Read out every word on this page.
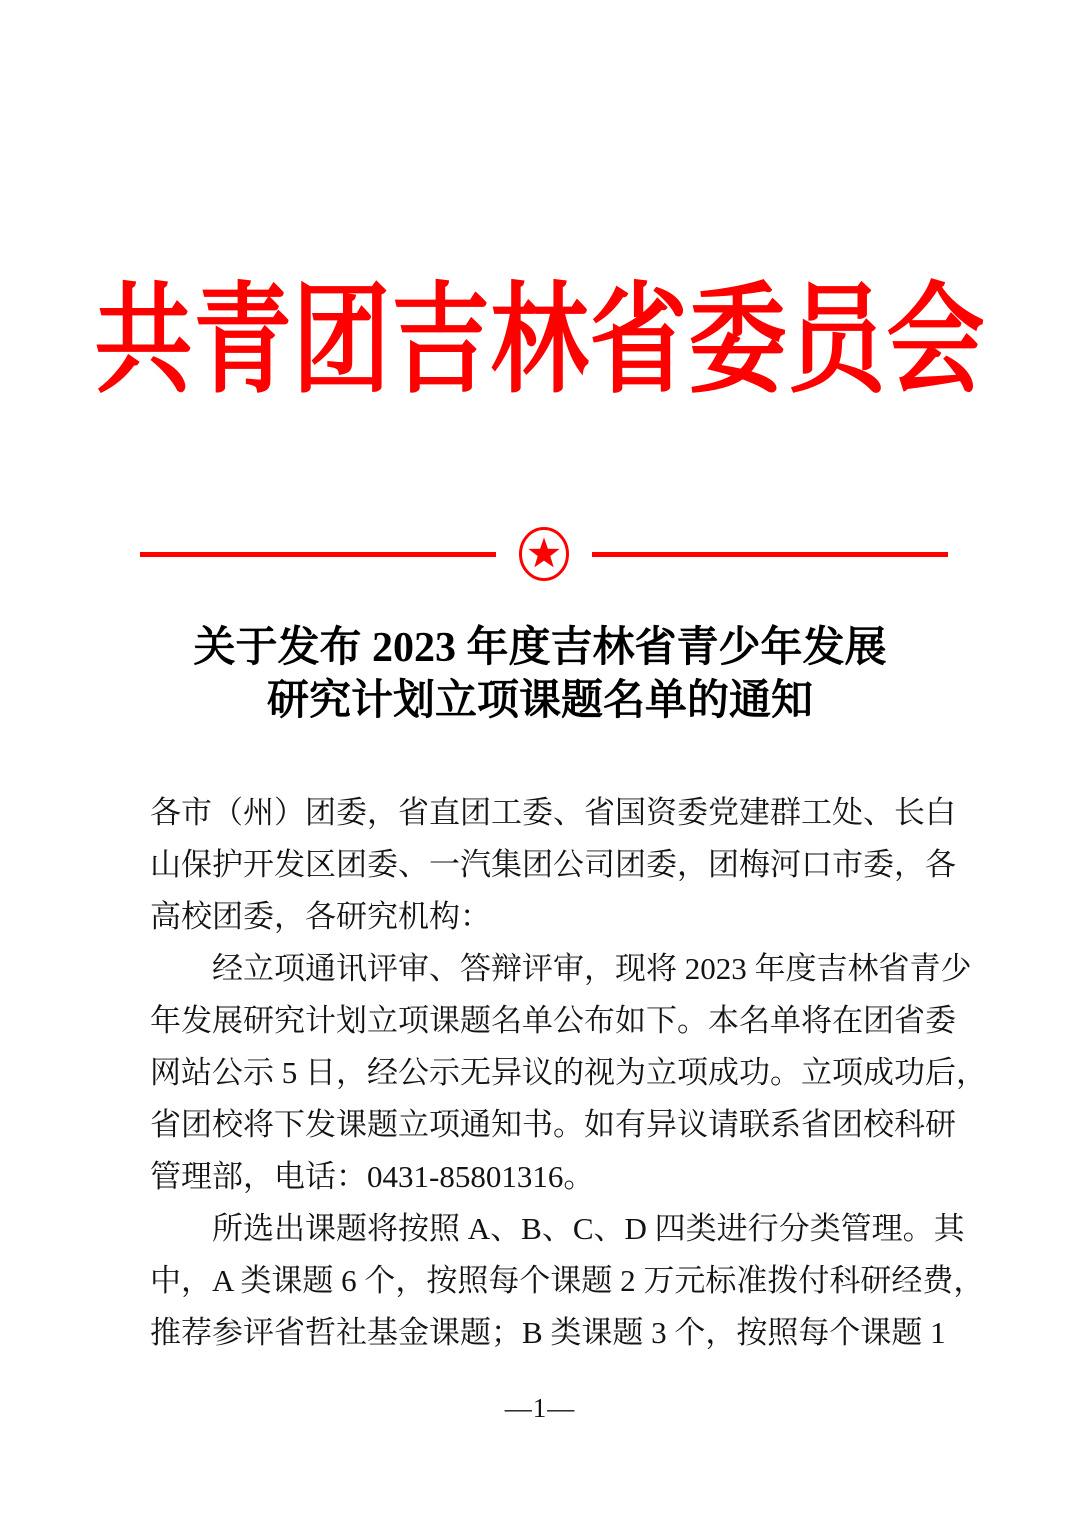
共青团吉林省委员会
关于发布 2023 年度吉林省青少年发展
研究计划立项课题名单的通知
各市（州）团委，省直团工委、省国资委党建群工处、长白
山保护开发区团委、一汽集团公司团委，团梅河口市委，各
高校团委，各研究机构：
经立项通讯评审、答辩评审，现将 2023 年度吉林省青少
年发展研究计划立项课题名单公布如下。本名单将在团省委
网站公示 5 日，经公示无异议的视为立项成功。立项成功后，
省团校将下发课题立项通知书。如有异议请联系省团校科研
管理部，电话：0431-85801316。
所选出课题将按照 A、B、C、D 四类进行分类管理。其
中，A 类课题 6 个，按照每个课题 2 万元标准拨付科研经费，
推荐参评省哲社基金课题；B 类课题 3 个，按照每个课题 1
—1—
